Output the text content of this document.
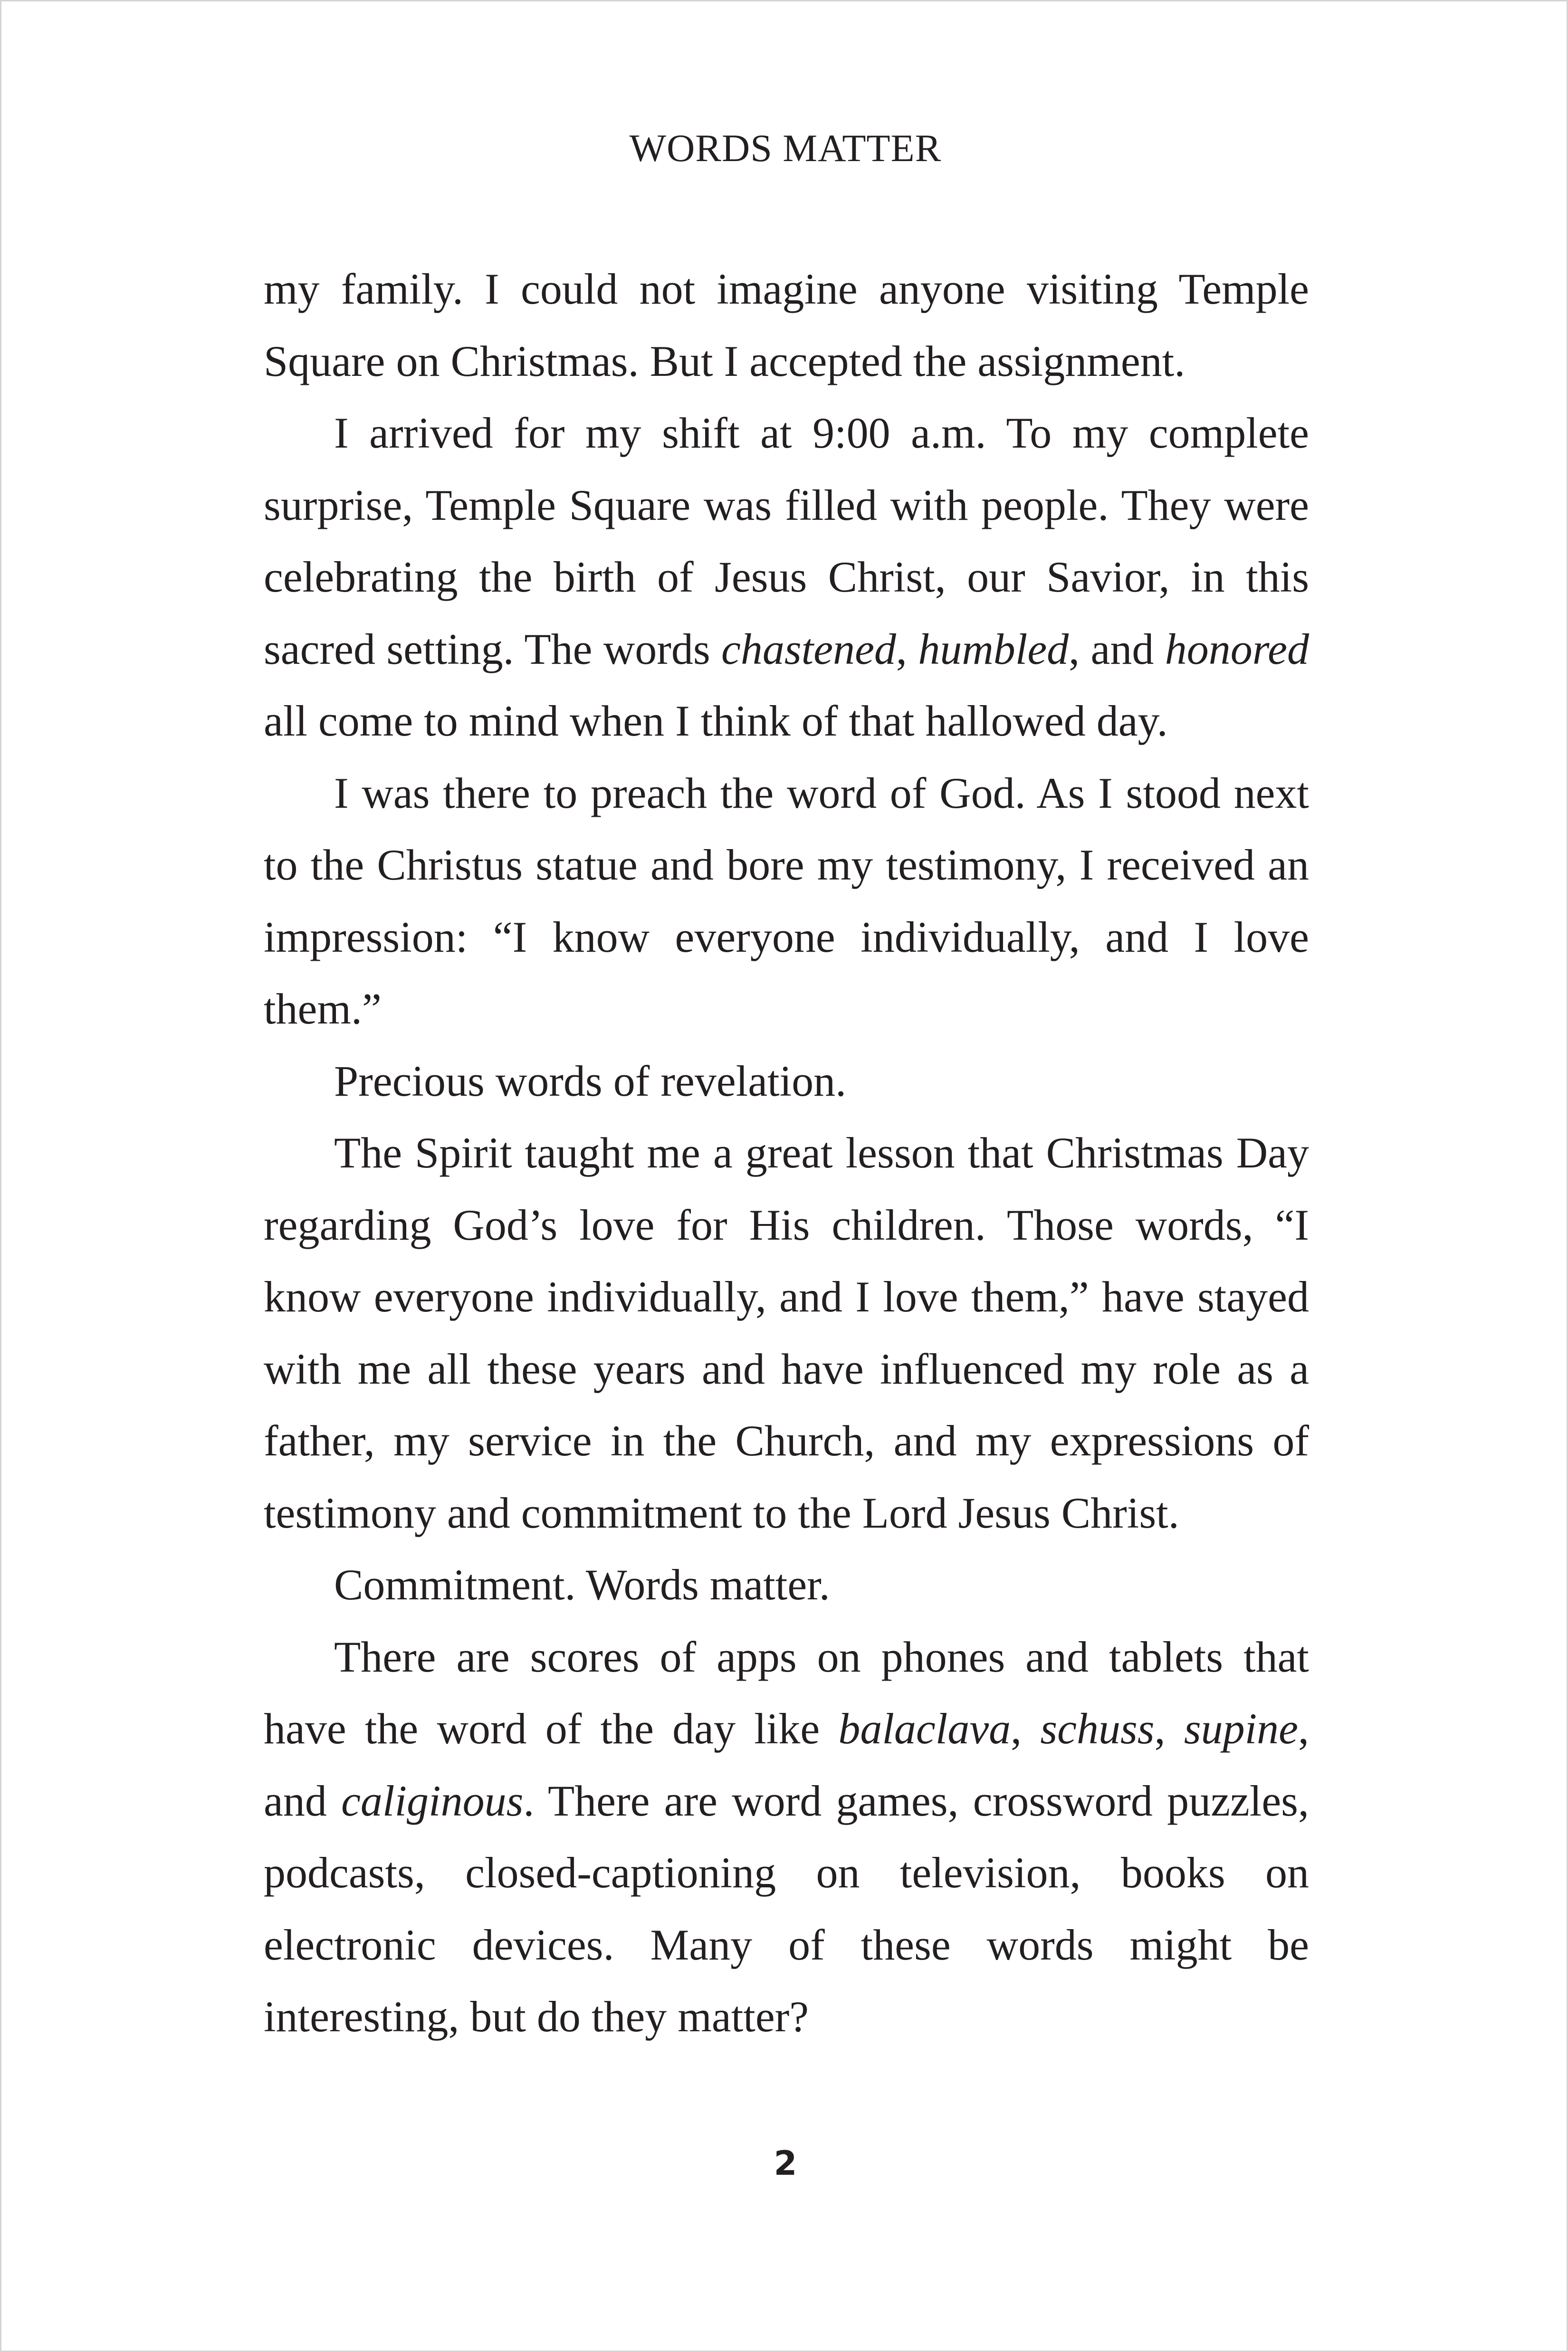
WORDS MATTER

my family. I could not imagine anyone visiting Temple Square on Christmas. But I accepted the assignment.

I arrived for my shift at 9:00 a.m. To my complete surprise, Temple Square was filled with people. They were celebrating the birth of Jesus Christ, our Savior, in this sacred setting. The words chastened, humbled, and honored all come to mind when I think of that hallowed day.

I was there to preach the word of God. As I stood next to the Christus statue and bore my testimony, I received an impression: “I know everyone individually, and I love them.”

Precious words of revelation.

The Spirit taught me a great lesson that Christmas Day regarding God’s love for His children. Those words, “I know everyone individually, and I love them,” have stayed with me all these years and have influenced my role as a father, my service in the Church, and my expressions of testimony and commitment to the Lord Jesus Christ.

Commitment. Words matter.

There are scores of apps on phones and tablets that have the word of the day like balaclava, schuss, supine, and caliginous. There are word games, crossword puzzles, podcasts, closed-captioning on television, books on electronic devices. Many of these words might be interesting, but do they matter?

2
